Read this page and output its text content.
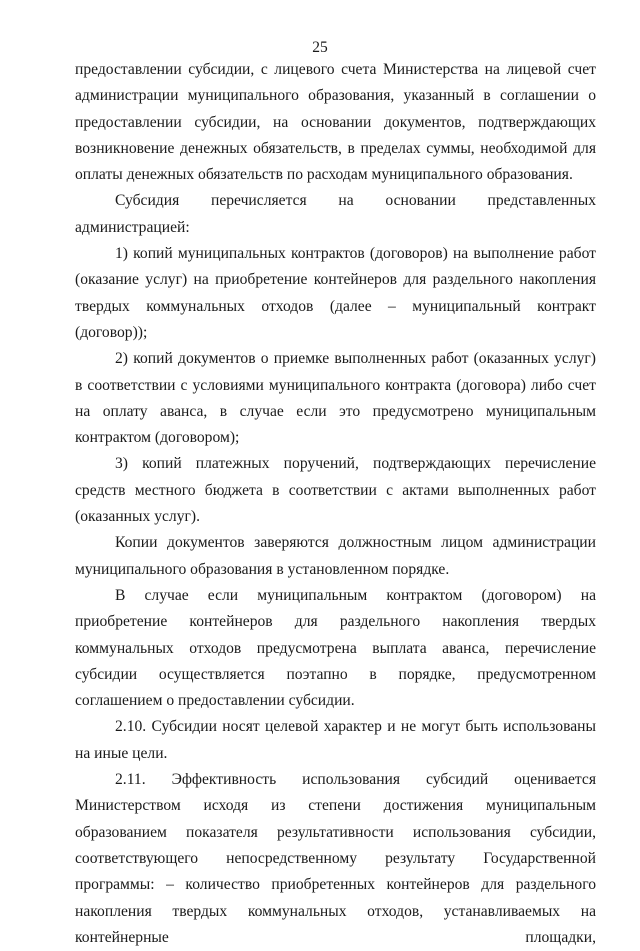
25

предоставлении субсидии, с лицевого счета Министерства на лицевой счет администрации муниципального образования, указанный в соглашении о предоставлении субсидии, на основании документов, подтверждающих возникновение денежных обязательств, в пределах суммы, необходимой для оплаты денежных обязательств по расходам муниципального образования.

Субсидия перечисляется на основании представленных администрацией:

1) копий муниципальных контрактов (договоров) на выполнение работ (оказание услуг) на приобретение контейнеров для раздельного накопления твердых коммунальных отходов (далее – муниципальный контракт (договор));

2) копий документов о приемке выполненных работ (оказанных услуг) в соответствии с условиями муниципального контракта (договора) либо счет на оплату аванса, в случае если это предусмотрено муниципальным контрактом (договором);

3) копий платежных поручений, подтверждающих перечисление средств местного бюджета в соответствии с актами выполненных работ (оказанных услуг).

Копии документов заверяются должностным лицом администрации муниципального образования в установленном порядке.

В случае если муниципальным контрактом (договором) на приобретение контейнеров для раздельного накопления твердых коммунальных отходов предусмотрена выплата аванса, перечисление субсидии осуществляется поэтапно в порядке, предусмотренном соглашением о предоставлении субсидии.

2.10. Субсидии носят целевой характер и не могут быть использованы на иные цели.

2.11. Эффективность использования субсидий оценивается Министерством исходя из степени достижения муниципальным образованием показателя результативности использования субсидии, соответствующего непосредственному результату Государственной программы: – количество приобретенных контейнеров для раздельного накопления твердых коммунальных отходов, устанавливаемых на контейнерные площадки,
